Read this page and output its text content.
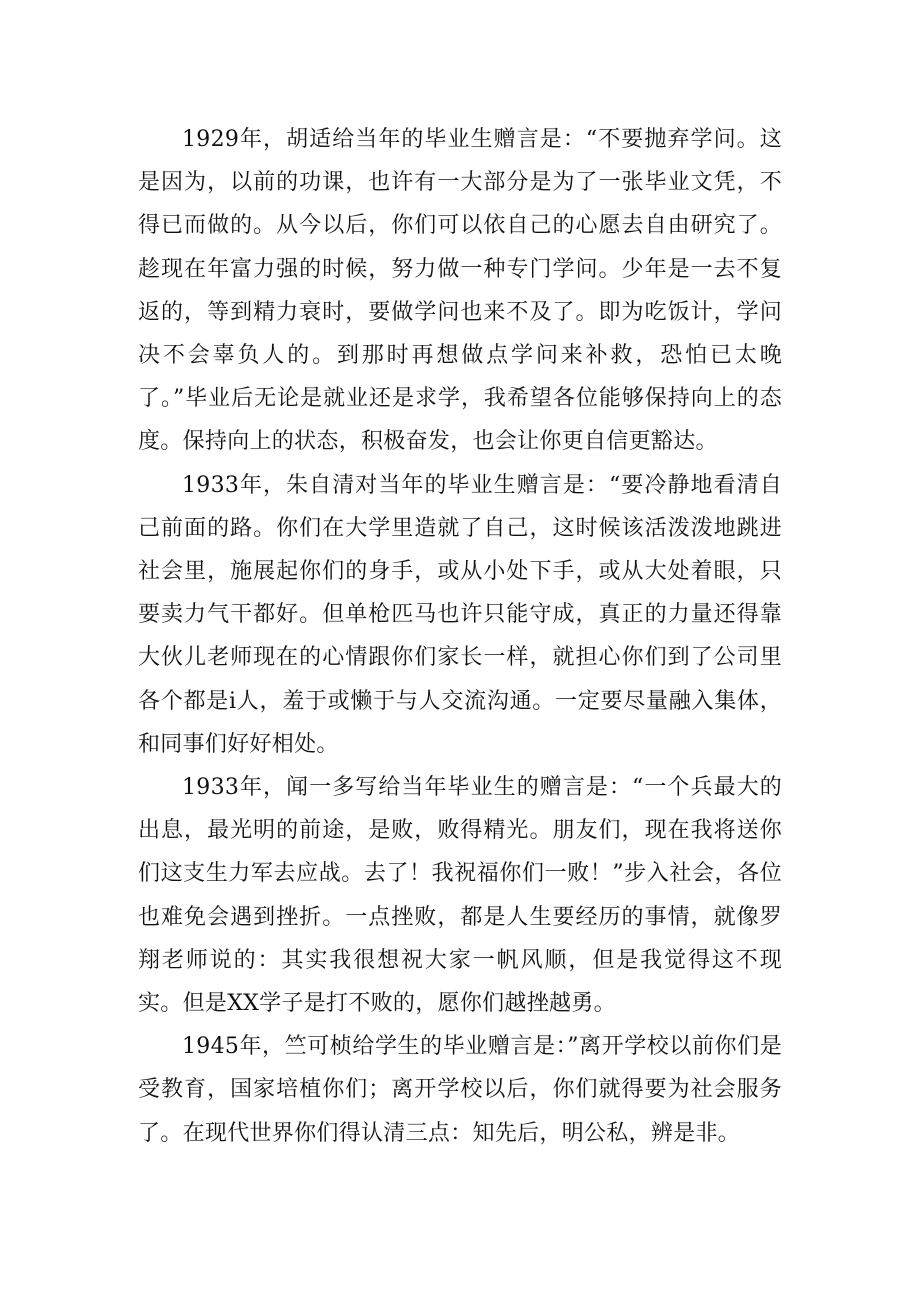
1929年，胡适给当年的毕业生赠言是：“不要抛弃学问。这是因为，以前的功课，也许有一大部分是为了一张毕业文凭，不得已而做的。从今以后，你们可以依自己的心愿去自由研究了。趁现在年富力强的时候，努力做一种专门学问。少年是一去不复返的，等到精力衰时，要做学问也来不及了。即为吃饭计，学问决不会辜负人的。到那时再想做点学问来补救，恐怕已太晚了。”毕业后无论是就业还是求学，我希望各位能够保持向上的态度。保持向上的状态，积极奋发，也会让你更自信更豁达。

1933年，朱自清对当年的毕业生赠言是：“要冷静地看清自己前面的路。你们在大学里造就了自己，这时候该活泼泼地跳进社会里，施展起你们的身手，或从小处下手，或从大处着眼，只要卖力气干都好。但单枪匹马也许只能守成，真正的力量还得靠大伙儿老师现在的心情跟你们家长一样，就担心你们到了公司里各个都是i人，羞于或懒于与人交流沟通。一定要尽量融入集体，和同事们好好相处。

1933年，闻一多写给当年毕业生的赠言是：“一个兵最大的出息，最光明的前途，是败，败得精光。朋友们，现在我将送你们这支生力军去应战。去了！我祝福你们一败！”步入社会，各位也难免会遇到挫折。一点挫败，都是人生要经历的事情，就像罗翔老师说的：其实我很想祝大家一帆风顺，但是我觉得这不现实。但是XX学子是打不败的，愿你们越挫越勇。

1945年，竺可桢给学生的毕业赠言是：”离开学校以前你们是受教育，国家培植你们；离开学校以后，你们就得要为社会服务了。在现代世界你们得认清三点：知先后，明公私，辨是非。
